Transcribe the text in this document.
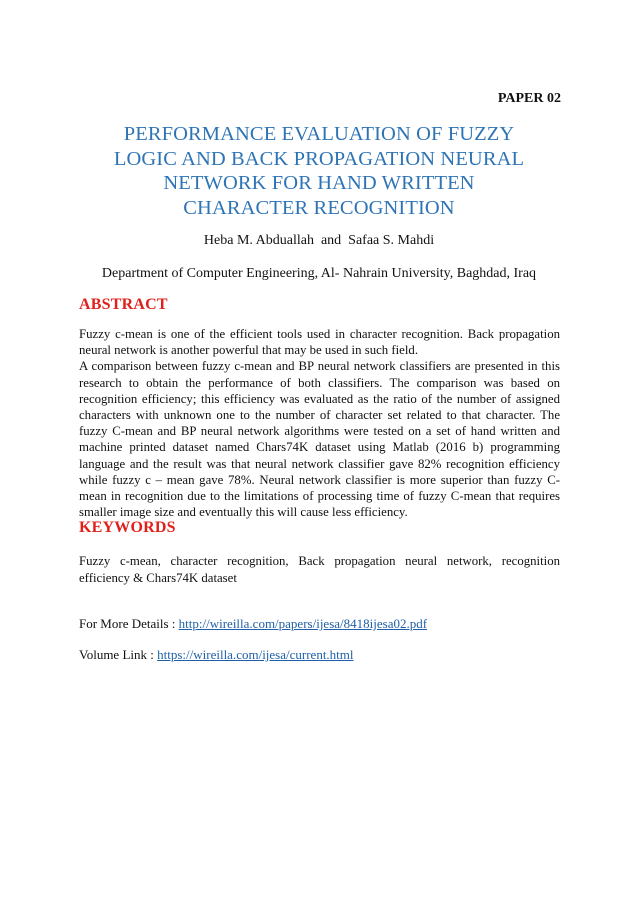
PAPER 02
PERFORMANCE EVALUATION OF FUZZY
LOGIC AND BACK PROPAGATION NEURAL
NETWORK FOR HAND WRITTEN
CHARACTER RECOGNITION
Heba M. Abduallah  and  Safaa S. Mahdi
Department of Computer Engineering, Al- Nahrain University, Baghdad, Iraq
ABSTRACT

Fuzzy c-mean is one of the efficient tools used in character recognition. Back propagation neural network is another powerful that may be used in such field.

A comparison between fuzzy c-mean and BP neural network classifiers are presented in this research to obtain the performance of both classifiers. The comparison was based on recognition efficiency; this efficiency was evaluated as the ratio of the number of assigned characters with unknown one to the number of character set related to that character. The fuzzy C-mean and BP neural network algorithms were tested on a set of hand written and machine printed dataset named Chars74K dataset using Matlab (2016 b) programming language and the result was that neural network classifier gave 82% recognition efficiency while fuzzy c – mean gave 78%. Neural network classifier is more superior than fuzzy C-mean in recognition due to the limitations of processing time of fuzzy C-mean that requires smaller image size and eventually this will cause less efficiency.

KEYWORDS
Fuzzy c-mean, character recognition, Back propagation neural network, recognition efficiency & Chars74K dataset
For More Details : http://wireilla.com/papers/ijesa/8418ijesa02.pdf
Volume Link : https://wireilla.com/ijesa/current.html
